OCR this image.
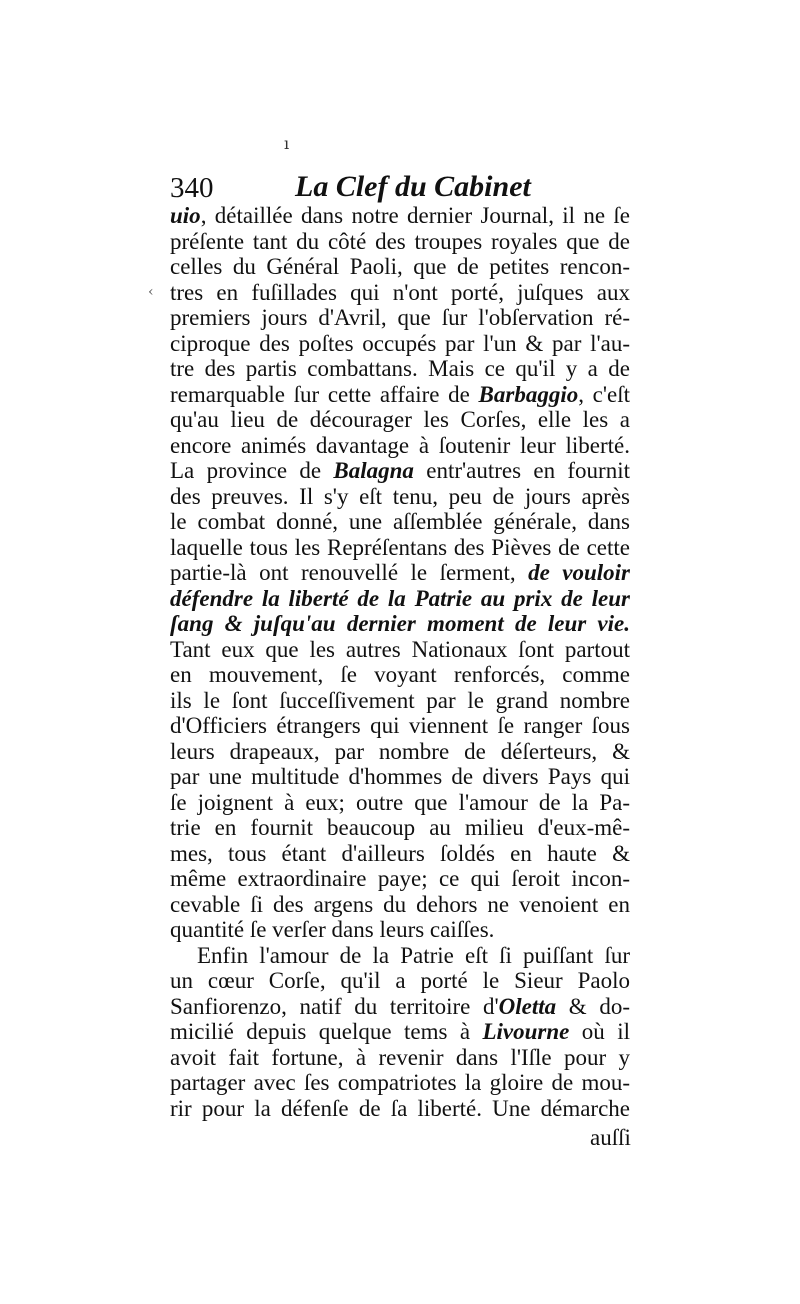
ı
340	La Clef du Cabinet
uio, détaillée dans notre dernier Journal, il ne ſe
préſente tant du côté des troupes royales que de
celles du Général Paoli, que de petites rencon-
tres en fuſillades qui n'ont porté, juſques aux
premiers jours d'Avril, que ſur l'obſervation ré-
ciproque des poſtes occupés par l'un & par l'au-
tre des partis combattans. Mais ce qu'il y a de
remarquable ſur cette affaire de Barbaggio, c'eſt
qu'au lieu de décourager les Corſes, elle les a
encore animés davantage à ſoutenir leur liberté.
La province de Balagna entr'autres en fournit
des preuves. Il s'y eſt tenu, peu de jours après
le combat donné, une aſſemblée générale, dans
laquelle tous les Repréſentans des Pièves de cette
partie-là ont renouvellé le ſerment, de vouloir
défendre la liberté de la Patrie au prix de leur
ſang & juſqu'au dernier moment de leur vie.
Tant eux que les autres Nationaux ſont partout
en mouvement, ſe voyant renforcés, comme
ils le ſont ſucceſſivement par le grand nombre
d'Officiers étrangers qui viennent ſe ranger ſous
leurs drapeaux, par nombre de déſerteurs, &
par une multitude d'hommes de divers Pays qui
ſe joignent à eux; outre que l'amour de la Pa-
trie en fournit beaucoup au milieu d'eux-mê-
mes, tous étant d'ailleurs ſoldés en haute &
même extraordinaire paye; ce qui ſeroit incon-
cevable ſi des argens du dehors ne venoient en
quantité ſe verſer dans leurs caiſſes.
Enfin l'amour de la Patrie eſt ſi puiſſant ſur
un cœur Corſe, qu'il a porté le Sieur Paolo
Sanfiorenzo, natif du territoire d'Oletta & do-
micilié depuis quelque tems à Livourne où il
avoit fait fortune, à revenir dans l'Iſle pour y
partager avec ſes compatriotes la gloire de mou-
rir pour la défenſe de ſa liberté. Une démarche
‹
auſſi
